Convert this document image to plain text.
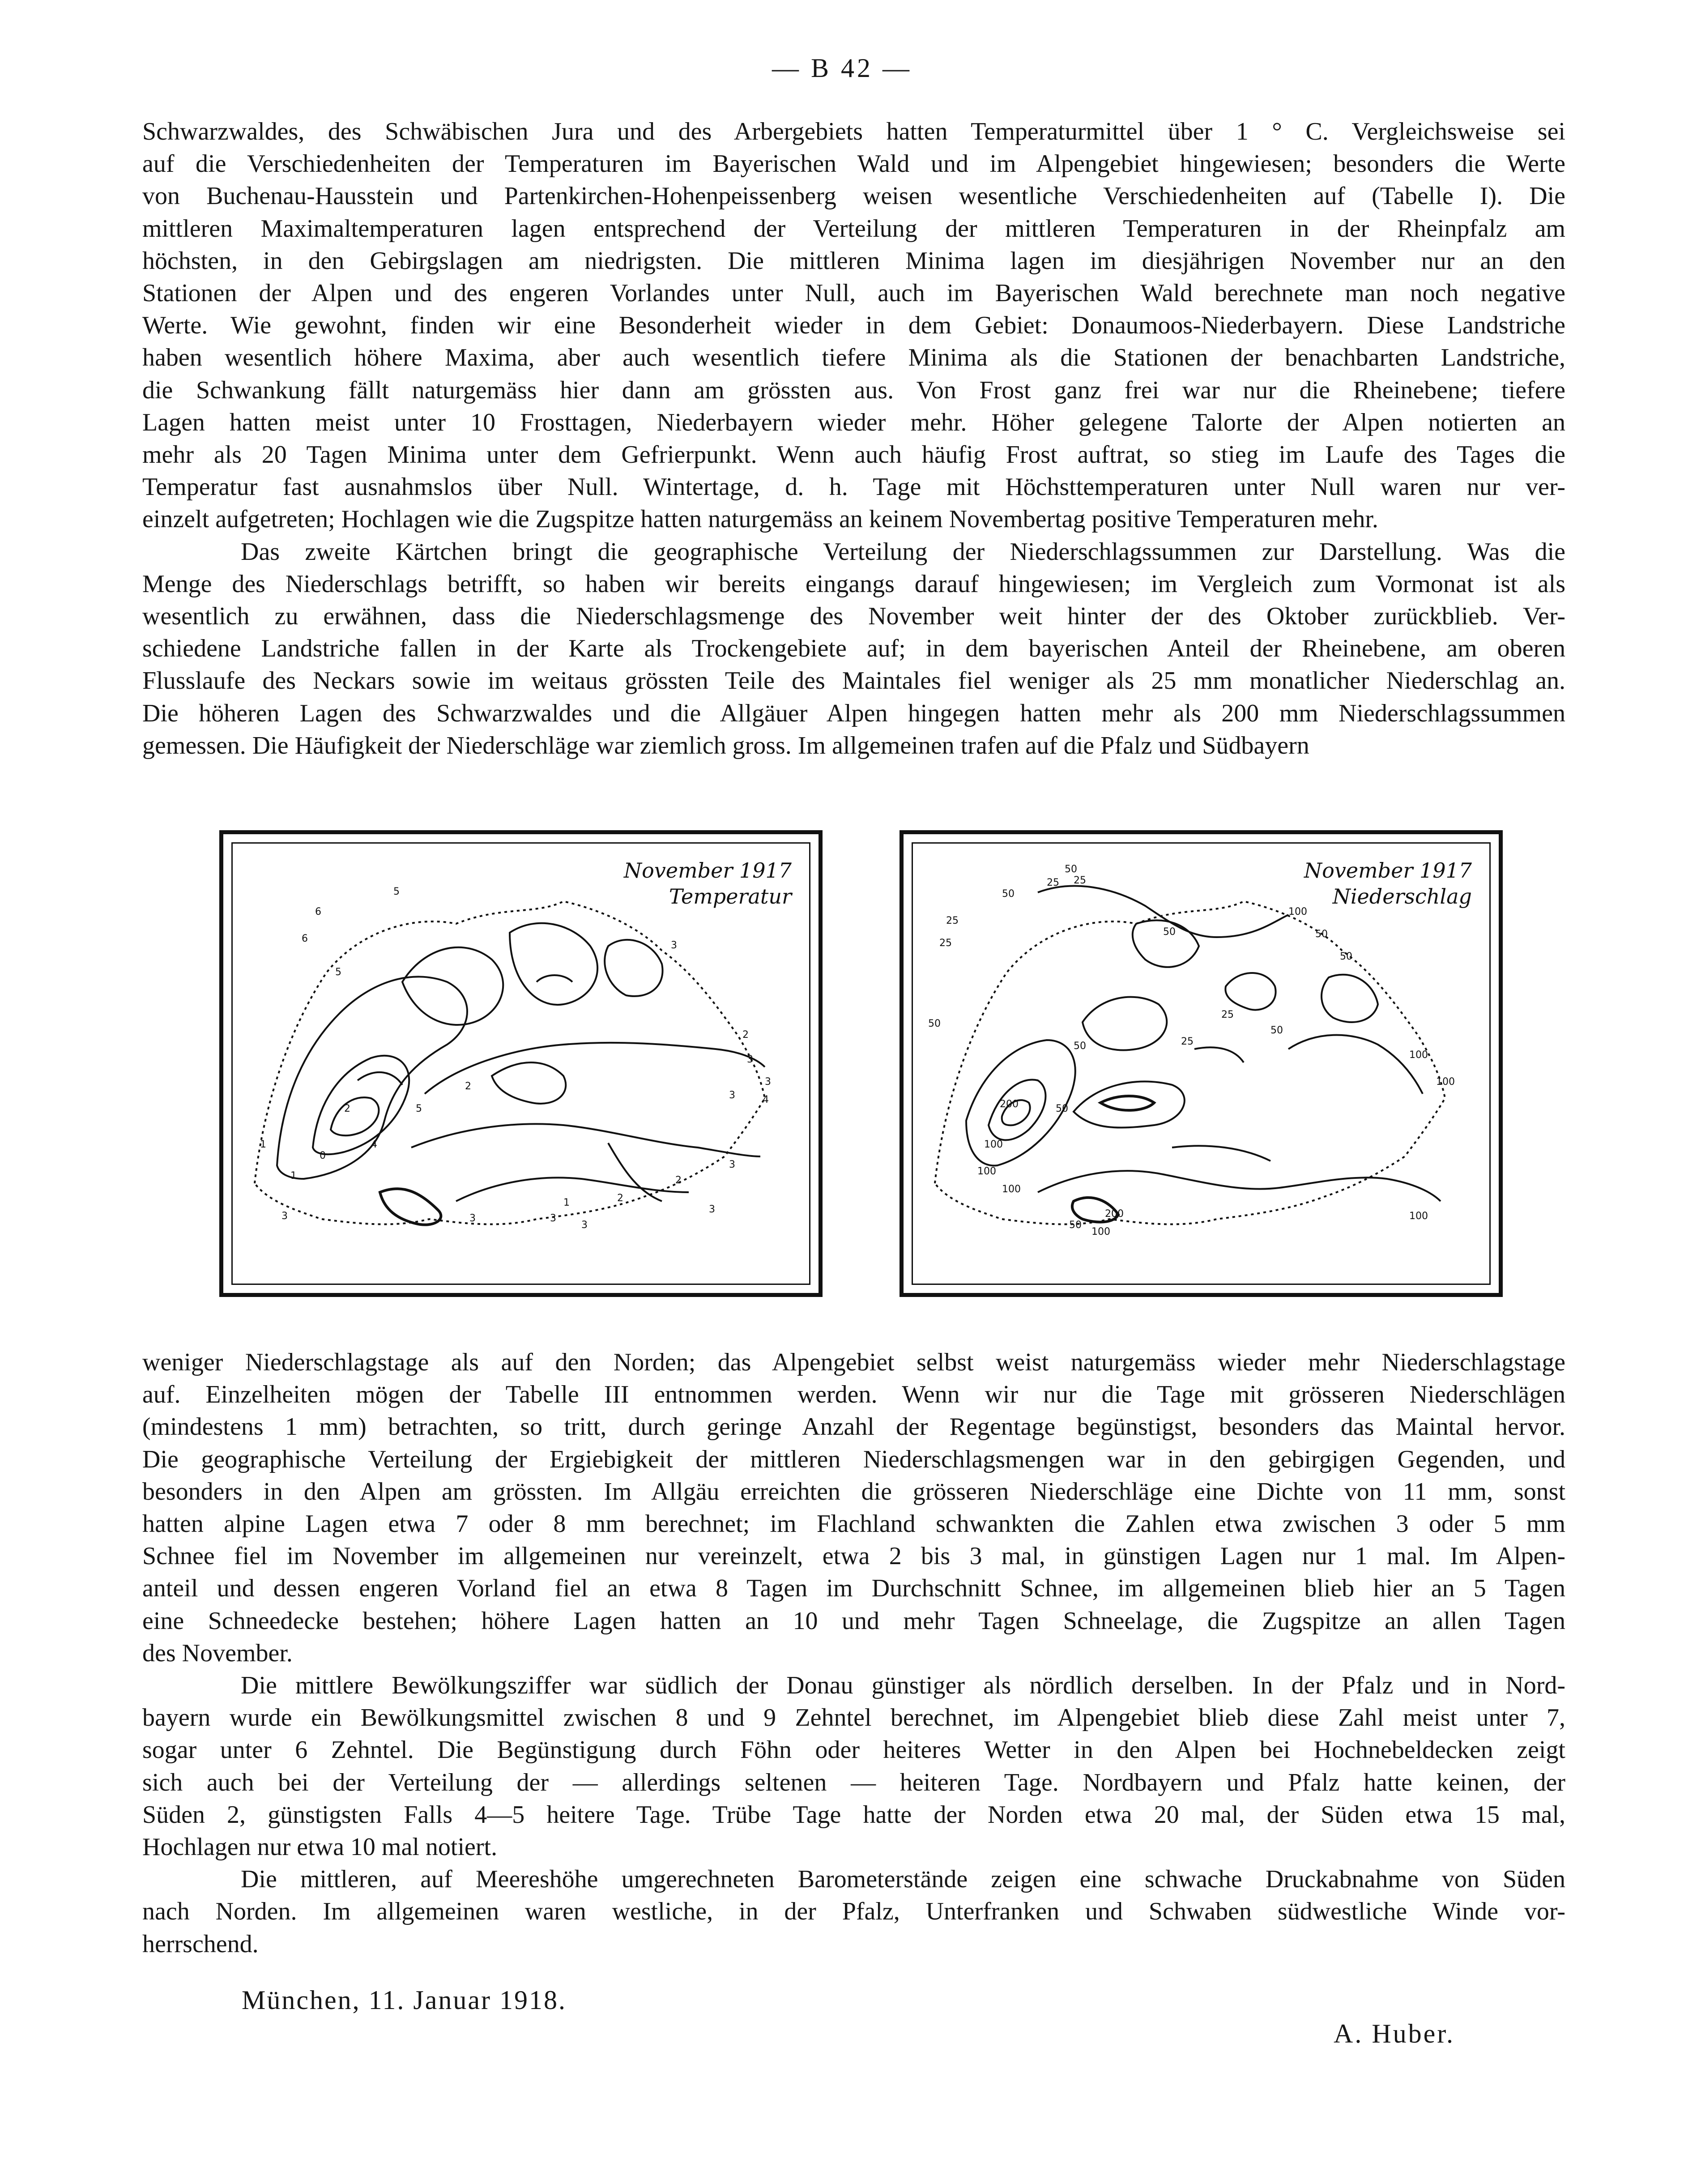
— B 42 —
Schwarzwaldes, des Schwäbischen Jura und des Arbergebiets hatten Temperaturmittel über 1 ° C. Vergleichsweise sei
auf die Verschiedenheiten der Temperaturen im Bayerischen Wald und im Alpengebiet hingewiesen; besonders die Werte
von Buchenau-Hausstein und Partenkirchen-Hohenpeissenberg weisen wesentliche Verschiedenheiten auf (Tabelle I). Die
mittleren Maximaltemperaturen lagen entsprechend der Verteilung der mittleren Temperaturen in der Rheinpfalz am
höchsten, in den Gebirgslagen am niedrigsten. Die mittleren Minima lagen im diesjährigen November nur an den
Stationen der Alpen und des engeren Vorlandes unter Null, auch im Bayerischen Wald berechnete man noch negative
Werte. Wie gewohnt, finden wir eine Besonderheit wieder in dem Gebiet: Donaumoos-Niederbayern. Diese Landstriche
haben wesentlich höhere Maxima, aber auch wesentlich tiefere Minima als die Stationen der benachbarten Landstriche,
die Schwankung fällt naturgemäss hier dann am grössten aus. Von Frost ganz frei war nur die Rheinebene; tiefere
Lagen hatten meist unter 10 Frosttagen, Niederbayern wieder mehr. Höher gelegene Talorte der Alpen notierten an
mehr als 20 Tagen Minima unter dem Gefrierpunkt. Wenn auch häufig Frost auftrat, so stieg im Laufe des Tages die
Temperatur fast ausnahmslos über Null. Wintertage, d. h. Tage mit Höchsttemperaturen unter Null waren nur ver-
einzelt aufgetreten; Hochlagen wie die Zugspitze hatten naturgemäss an keinem Novembertag positive Temperaturen mehr.
Das zweite Kärtchen bringt die geographische Verteilung der Niederschlagssummen zur Darstellung. Was die
Menge des Niederschlags betrifft, so haben wir bereits eingangs darauf hingewiesen; im Vergleich zum Vormonat ist als
wesentlich zu erwähnen, dass die Niederschlagsmenge des November weit hinter der des Oktober zurückblieb. Ver-
schiedene Landstriche fallen in der Karte als Trockengebiete auf; in dem bayerischen Anteil der Rheinebene, am oberen
Flusslaufe des Neckars sowie im weitaus grössten Teile des Maintales fiel weniger als 25 mm monatlicher Niederschlag an.
Die höheren Lagen des Schwarzwaldes und die Allgäuer Alpen hingegen hatten mehr als 200 mm Niederschlagssummen
gemessen. Die Häufigkeit der Niederschläge war ziemlich gross. Im allgemeinen trafen auf die Pfalz und Südbayern
6
5
6
5
3
2
3
3
4
3
2
1
2
0
1
3
4
5
3	3
3
1	2
3
2
3
November 1917
Temperatur
50
25 25
50
25
25
50
100
50
50
25
50
100
100
50
200
100
100
50
100
200
100
50
100
25
50
November 1917
Niederschlag
weniger Niederschlagstage als auf den Norden; das Alpengebiet selbst weist naturgemäss wieder mehr Niederschlagstage
auf. Einzelheiten mögen der Tabelle III entnommen werden. Wenn wir nur die Tage mit grösseren Niederschlägen
(mindestens 1 mm) betrachten, so tritt, durch geringe Anzahl der Regentage begünstigst, besonders das Maintal hervor.
Die geographische Verteilung der Ergiebigkeit der mittleren Niederschlagsmengen war in den gebirgigen Gegenden, und
besonders in den Alpen am grössten. Im Allgäu erreichten die grösseren Niederschläge eine Dichte von 11 mm, sonst
hatten alpine Lagen etwa 7 oder 8 mm berechnet; im Flachland schwankten die Zahlen etwa zwischen 3 oder 5 mm
Schnee fiel im November im allgemeinen nur vereinzelt, etwa 2 bis 3 mal, in günstigen Lagen nur 1 mal. Im Alpen-
anteil und dessen engeren Vorland fiel an etwa 8 Tagen im Durchschnitt Schnee, im allgemeinen blieb hier an 5 Tagen
eine Schneedecke bestehen; höhere Lagen hatten an 10 und mehr Tagen Schneelage, die Zugspitze an allen Tagen
des November.
Die mittlere Bewölkungsziffer war südlich der Donau günstiger als nördlich derselben. In der Pfalz und in Nord-
bayern wurde ein Bewölkungsmittel zwischen 8 und 9 Zehntel berechnet, im Alpengebiet blieb diese Zahl meist unter 7,
sogar unter 6 Zehntel. Die Begünstigung durch Föhn oder heiteres Wetter in den Alpen bei Hochnebeldecken zeigt
sich auch bei der Verteilung der — allerdings seltenen — heiteren Tage. Nordbayern und Pfalz hatte keinen, der
Süden 2, günstigsten Falls 4—5 heitere Tage. Trübe Tage hatte der Norden etwa 20 mal, der Süden etwa 15 mal,
Hochlagen nur etwa 10 mal notiert.
Die mittleren, auf Meereshöhe umgerechneten Barometerstände zeigen eine schwache Druckabnahme von Süden
nach Norden. Im allgemeinen waren westliche, in der Pfalz, Unterfranken und Schwaben südwestliche Winde vor-
herrschend.
München, 11. Januar 1918.
A. Huber.
